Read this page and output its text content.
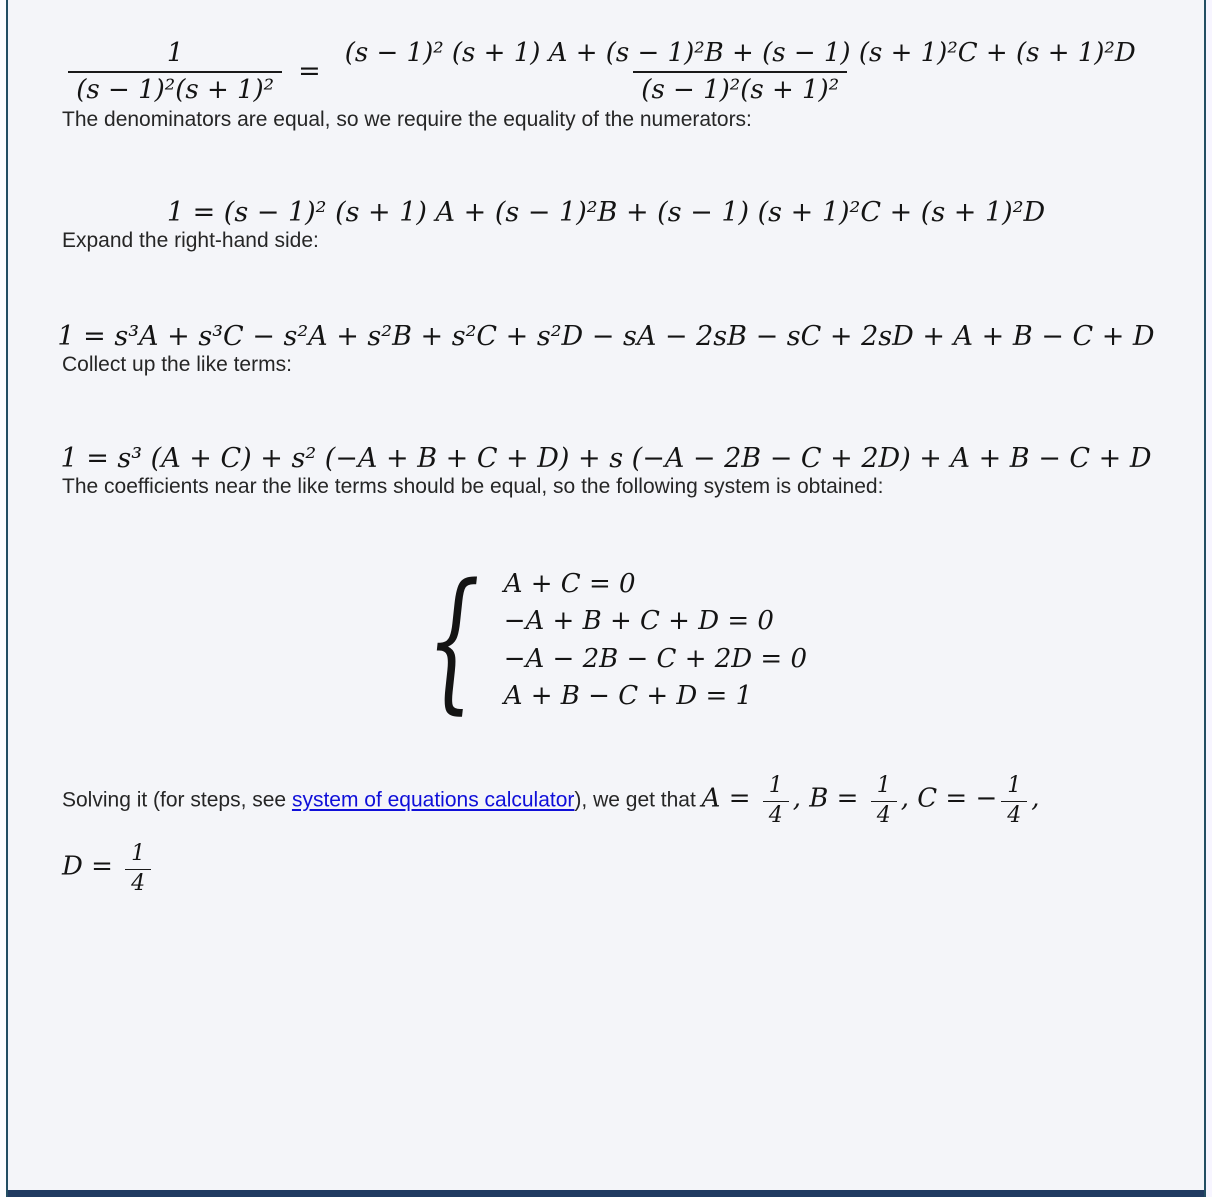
$\frac{1}{\text{(s − 1)²(s + 1)²}}$ =
(s − 1)² (s + 1) A + (s − 1)²B + (s − 1) (s + 1)²C + (s + 1)²D
(s − 1)²(s + 1)²

The denominators are equal, so we require the equality of the numerators:

1 = (s − 1)² (s + 1) A + (s − 1)²B + (s − 1) (s + 1)²C + (s + 1)²D

Expand the right-hand side:

1 = s³A + s³C − s²A + s²B + s²C + s²D − sA − 2sB − sC + 2sD + A + B − C + D

Collect up the like terms:

1 = s³ (A + C) + s² (−A + B + C + D) + s (−A − 2B − C + 2D) + A + B − C + D

The coefficients near the like terms should be equal, so the following system is obtained:

{ A + C = 0
−A + B + C + D = 0
−A − 2B − C + 2D = 0
A + B − C + D = 1

Solving it (for steps, see system of equations calculator), we get that $A = \frac{1}{4}$ , $B = \frac{1}{4}$ , C = − $\frac{1}{4}$ ,

$D = \frac{1}{4}$
